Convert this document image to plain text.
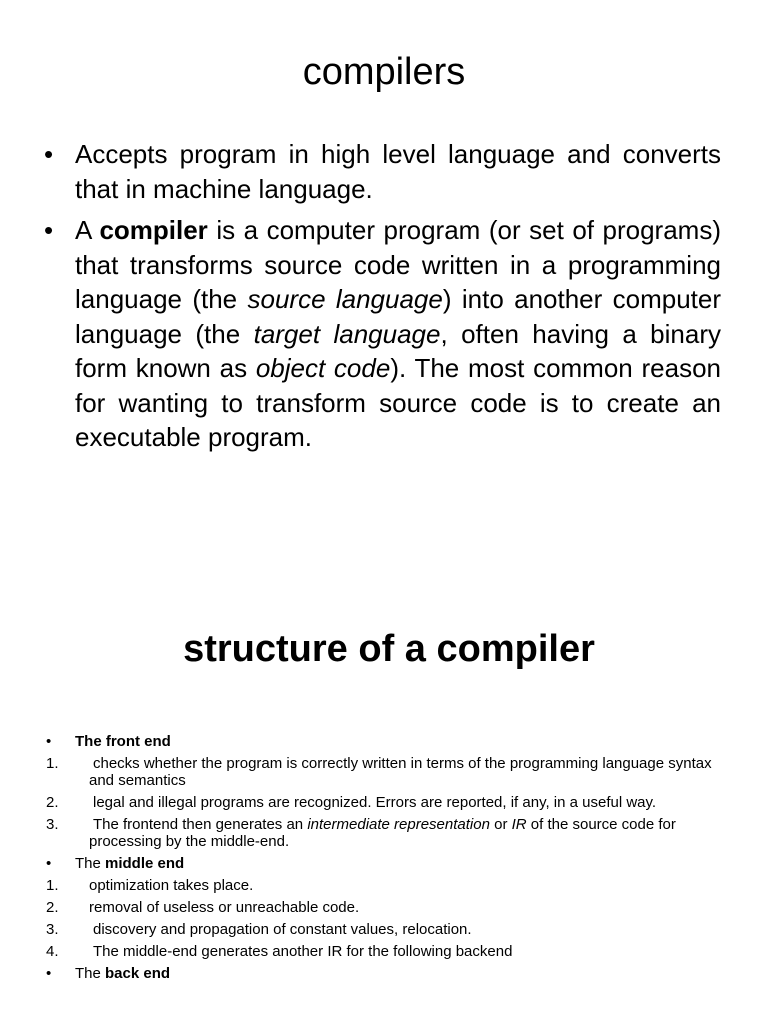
compilers
• Accepts program in high level language and converts that in machine language.
• A compiler is a computer program (or set of programs) that transforms source code written in a programming language (the source language) into another computer language (the target language, often having a binary form known as object code). The most common reason for wanting to transform source code is to create an executable program.
structure of a compiler
• The front end
1. checks whether the program is correctly written in terms of the programming language syntax and semantics
2. legal and illegal programs are recognized. Errors are reported, if any, in a useful way.
3. The frontend then generates an intermediate representation or IR of the source code for processing by the middle-end.
• The middle end
1. optimization takes place.
2. removal of useless or unreachable code.
3. discovery and propagation of constant values, relocation.
4. The middle-end generates another IR for the following backend
• The back end
